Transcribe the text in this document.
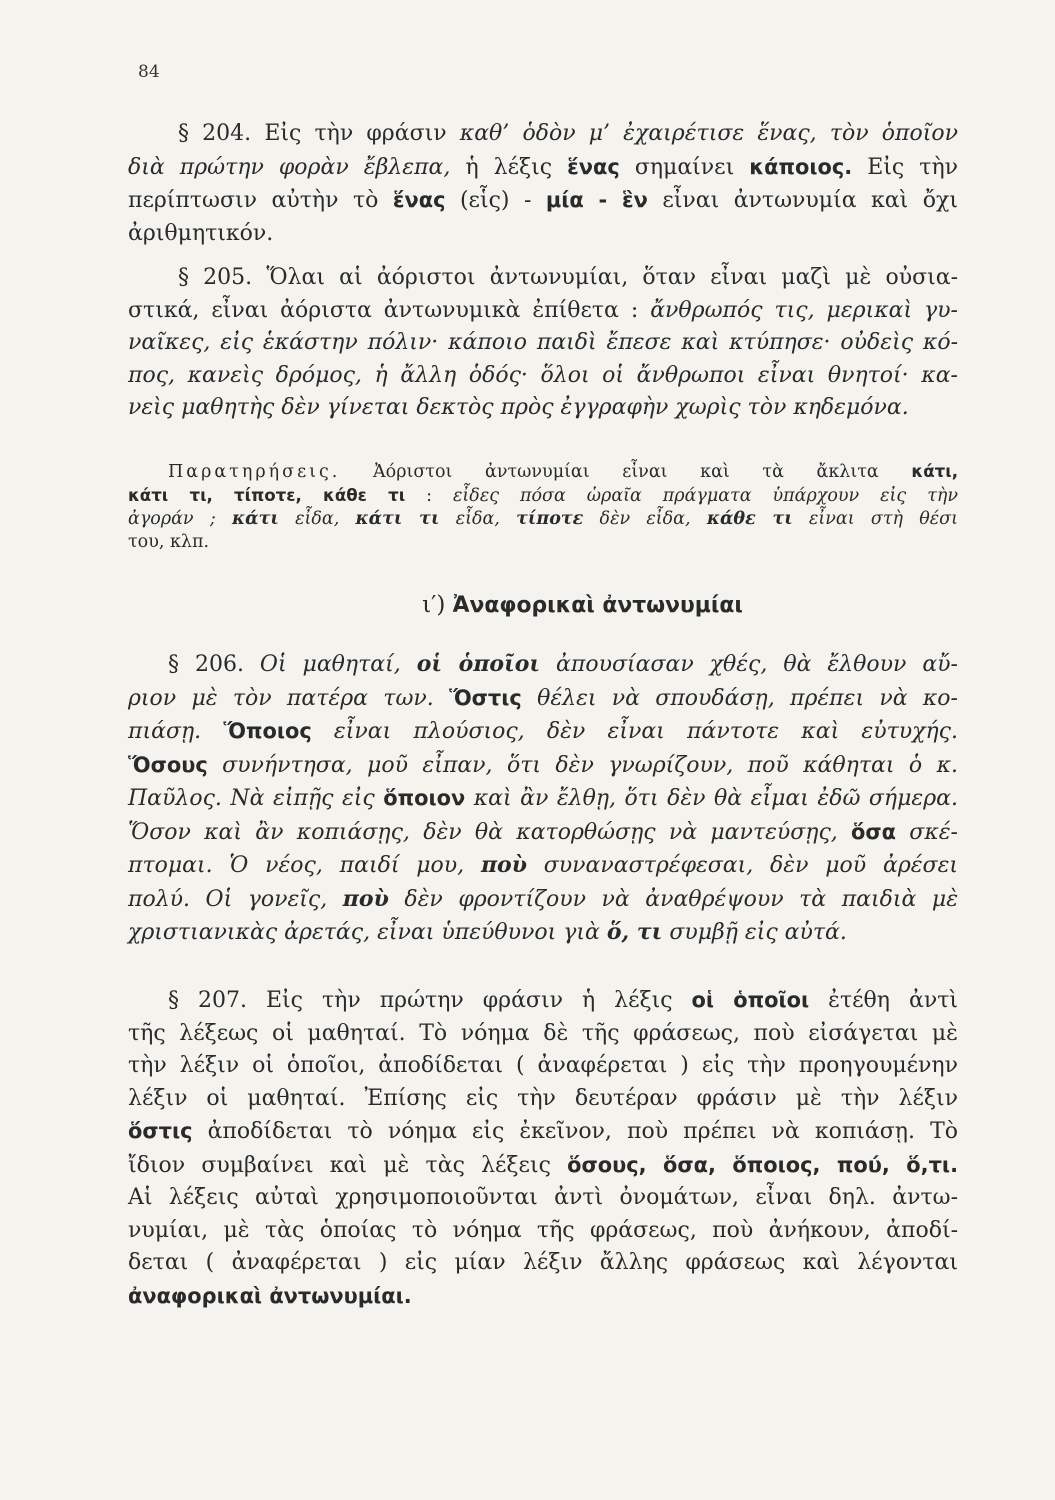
84

§ 204. Εἰς τὴν φράσιν καθ’ ὁδὸν μ’ ἐχαιρέτισε ἕνας, τὸν ὁποῖον
διὰ πρώτην φορὰν ἔβλεπα, ἡ λέξις ἕνας σημαίνει κάποιος. Εἰς τὴν
περίπτωσιν αὐτὴν τὸ ἕνας (εἷς) - μία - ἓν εἶναι ἀντωνυμία καὶ ὄχι
ἀριθμητικόν.

§ 205. Ὅλαι αἱ ἀόριστοι ἀντωνυμίαι, ὅταν εἶναι μαζὶ μὲ οὐσια-
στικά, εἶναι ἀόριστα ἀντωνυμικὰ ἐπίθετα : ἄνθρωπός τις, μερικαὶ γυ-
ναῖκες, εἰς ἑκάστην πόλιν· κάποιο παιδὶ ἔπεσε καὶ κτύπησε· οὐδεὶς κό-
πος, κανεὶς δρόμος, ἡ ἄλλη ὁδός· ὅλοι οἱ ἄνθρωποι εἶναι θνητοί· κα-
νεὶς μαθητὴς δὲν γίνεται δεκτὸς πρὸς ἐγγραφὴν χωρὶς τὸν κηδεμόνα.

Παρατηρήσεις. Ἀόριστοι ἀντωνυμίαι εἶναι καὶ τὰ ἄκλιτα κάτι,
κάτι τι, τίποτε, κάθε τι : εἶδες πόσα ὡραῖα πράγματα ὑπάρχουν εἰς τὴν
ἀγοράν ; κάτι εἶδα, κάτι τι εἶδα, τίποτε δὲν εἶδα, κάθε τι εἶναι στὴ θέσι
του, κλπ.

ι′) Ἀναφορικαὶ ἀντωνυμίαι

§ 206. Οἱ μαθηταί, οἱ ὁποῖοι ἀπουσίασαν χθές, θὰ ἔλθουν αὔ-
ριον μὲ τὸν πατέρα των. Ὅστις θέλει νὰ σπουδάσῃ, πρέπει νὰ κο-
πιάσῃ. Ὅποιος εἶναι πλούσιος, δὲν εἶναι πάντοτε καὶ εὐτυχής.
Ὅσους συνήντησα, μοῦ εἶπαν, ὅτι δὲν γνωρίζουν, ποῦ κάθηται ὁ κ.
Παῦλος. Νὰ εἰπῇς εἰς ὅποιον καὶ ἂν ἔλθῃ, ὅτι δὲν θὰ εἶμαι ἐδῶ σήμερα.
Ὅσον καὶ ἂν κοπιάσῃς, δὲν θὰ κατορθώσῃς νὰ μαντεύσῃς, ὅσα σκέ-
πτομαι. Ὁ νέος, παιδί μου, ποὺ συναναστρέφεσαι, δὲν μοῦ ἀρέσει
πολύ. Οἱ γονεῖς, ποὺ δὲν φροντίζουν νὰ ἀναθρέψουν τὰ παιδιὰ μὲ
χριστιανικὰς ἀρετάς, εἶναι ὑπεύθυνοι γιὰ ὅ, τι συμβῇ εἰς αὐτά.

§ 207. Εἰς τὴν πρώτην φράσιν ἡ λέξις οἱ ὁποῖοι ἐτέθη ἀντὶ
τῆς λέξεως οἱ μαθηταί. Τὸ νόημα δὲ τῆς φράσεως, ποὺ εἰσάγεται μὲ
τὴν λέξιν οἱ ὁποῖοι, ἀποδίδεται ( ἀναφέρεται ) εἰς τὴν προηγουμένην
λέξιν οἱ μαθηταί. Ἐπίσης εἰς τὴν δευτέραν φράσιν μὲ τὴν λέξιν
ὅστις ἀποδίδεται τὸ νόημα εἰς ἐκεῖνον, ποὺ πρέπει νὰ κοπιάσῃ. Τὸ
ἴδιον συμβαίνει καὶ μὲ τὰς λέξεις ὅσους, ὅσα, ὅποιος, πού, ὅ,τι.
Αἱ λέξεις αὐταὶ χρησιμοποιοῦνται ἀντὶ ὀνομάτων, εἶναι δηλ. ἀντω-
νυμίαι, μὲ τὰς ὁποίας τὸ νόημα τῆς φράσεως, ποὺ ἀνήκουν, ἀποδί-
δεται ( ἀναφέρεται ) εἰς μίαν λέξιν ἄλλης φράσεως καὶ λέγονται
ἀναφορικαὶ ἀντωνυμίαι.
